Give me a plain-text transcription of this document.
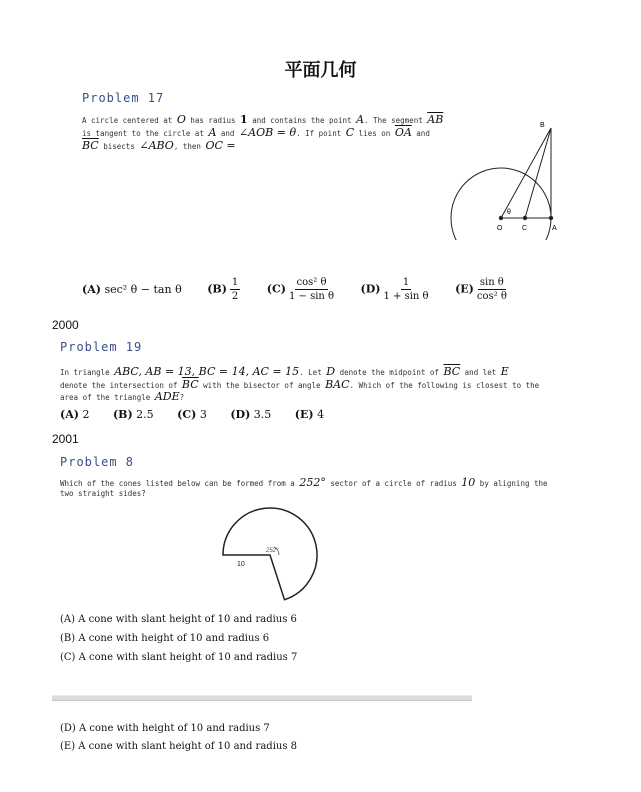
平面几何
Problem 17
A circle centered at O has radius 1 and contains the point A. The segment $\overline{AB}$
is tangent to the circle at A and ∠AOB = θ. If point C lies on $\overline{OA}$ and
$\overline{BC}$ bisects ∠ABO, then OC =
B
O	C	A
θ
(A) sec² θ − tan θ $(B) \frac{1}{2} (C) \frac{\text{cos² θ}}{\text{1 − sin θ}} (D) \frac{1}{\text{1 + sin θ}} (E) \frac{\text{sin θ}}{\text{cos² θ}}$
2000
Problem 19
In triangle ABC, AB = 13, BC = 14, AC = 15. Let D denote the midpoint of $\overline{BC}$ and let E
denote the intersection of $\overline{BC}$ with the bisector of angle BAC. Which of the following is closest to the
area of the triangle ADE?
(A) 2 (B) 2.5 (C) 3 (D) 3.5 (E) 4
2001
Problem 8
Which of the cones listed below can be formed from a 252° sector of a circle of radius 10 by aligning the
two straight sides?
10
252°
(A) A cone with slant height of 10 and radius 6
(B) A cone with height of 10 and radius 6
(C) A cone with slant height of 10 and radius 7
(D) A cone with height of 10 and radius 7
(E) A cone with slant height of 10 and radius 8
